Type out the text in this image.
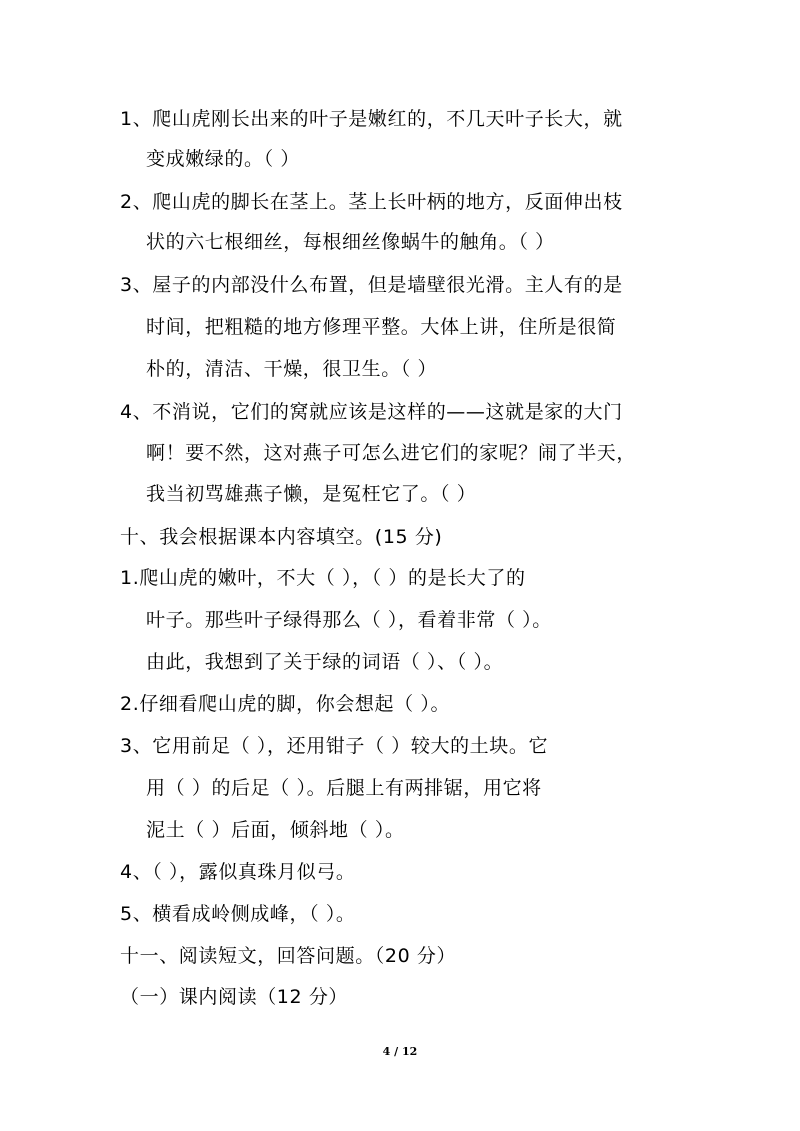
1、爬山虎刚长出来的叶子是嫩红的，不几天叶子长大，就
变成嫩绿的。（ ）
2、爬山虎的脚长在茎上。茎上长叶柄的地方，反面伸出枝
状的六七根细丝，每根细丝像蜗牛的触角。（ ）
3、屋子的内部没什么布置，但是墙壁很光滑。主人有的是
时间，把粗糙的地方修理平整。大体上讲，住所是很简
朴的，清洁、干燥，很卫生。（ ）
4、不消说，它们的窝就应该是这样的——这就是家的大门
啊！要不然，这对燕子可怎么进它们的家呢？闹了半天，
我当初骂雄燕子懒，是冤枉它了。（ ）
十、我会根据课本内容填空。(15 分)
1.爬山虎的嫩叶，不大（ ），（ ）的是长大了的
叶子。那些叶子绿得那么（ ），看着非常（ ）。
由此，我想到了关于绿的词语（ ）、（ ）。
2.仔细看爬山虎的脚，你会想起（ ）。
3、它用前足（ ），还用钳子（ ）较大的土块。它
用（ ）的后足（ ）。后腿上有两排锯，用它将
泥土（ ）后面，倾斜地（ ）。
4、（ ），露似真珠月似弓。
5、横看成岭侧成峰，（ ）。
十一、阅读短文，回答问题。（20 分）
（一）课内阅读（12 分）
4 / 12
